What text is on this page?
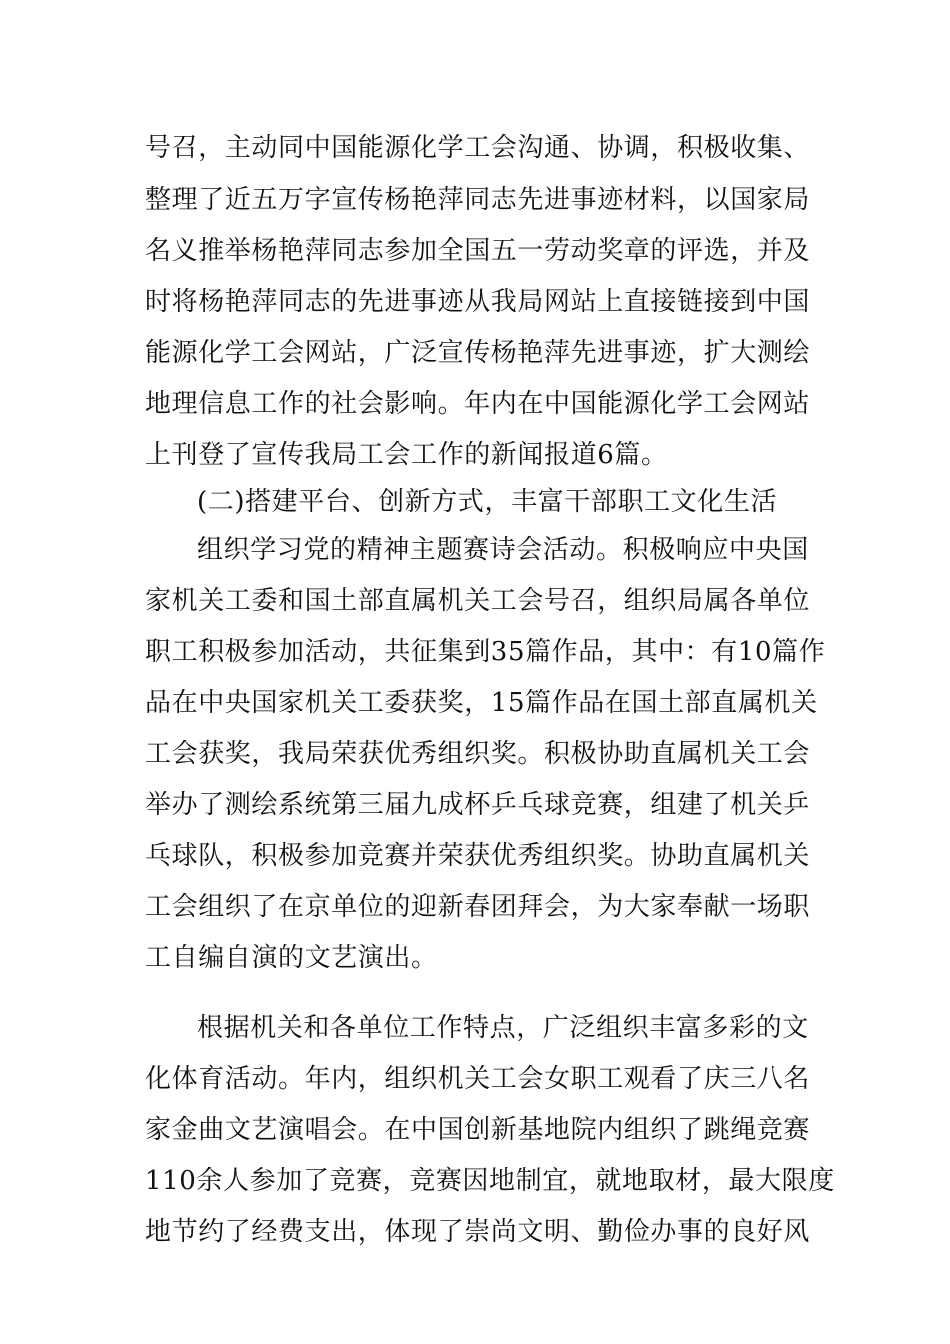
号召，主动同中国能源化学工会沟通、协调，积极收集、
整理了近五万字宣传杨艳萍同志先进事迹材料，以国家局
名义推举杨艳萍同志参加全国五一劳动奖章的评选，并及
时将杨艳萍同志的先进事迹从我局网站上直接链接到中国
能源化学工会网站，广泛宣传杨艳萍先进事迹，扩大测绘
地理信息工作的社会影响。年内在中国能源化学工会网站
上刊登了宣传我局工会工作的新闻报道6篇。
(二)搭建平台、创新方式，丰富干部职工文化生活
组织学习党的精神主题赛诗会活动。积极响应中央国
家机关工委和国土部直属机关工会号召，组织局属各单位
职工积极参加活动，共征集到35篇作品，其中：有10篇作
品在中央国家机关工委获奖，15篇作品在国土部直属机关
工会获奖，我局荣获优秀组织奖。积极协助直属机关工会
举办了测绘系统第三届九成杯乒乓球竞赛，组建了机关乒
乓球队，积极参加竞赛并荣获优秀组织奖。协助直属机关
工会组织了在京单位的迎新春团拜会，为大家奉献一场职
工自编自演的文艺演出。
根据机关和各单位工作特点，广泛组织丰富多彩的文
化体育活动。年内，组织机关工会女职工观看了庆三八名
家金曲文艺演唱会。在中国创新基地院内组织了跳绳竞赛
110余人参加了竞赛，竞赛因地制宜，就地取材，最大限度
地节约了经费支出，体现了崇尚文明、勤俭办事的良好风
